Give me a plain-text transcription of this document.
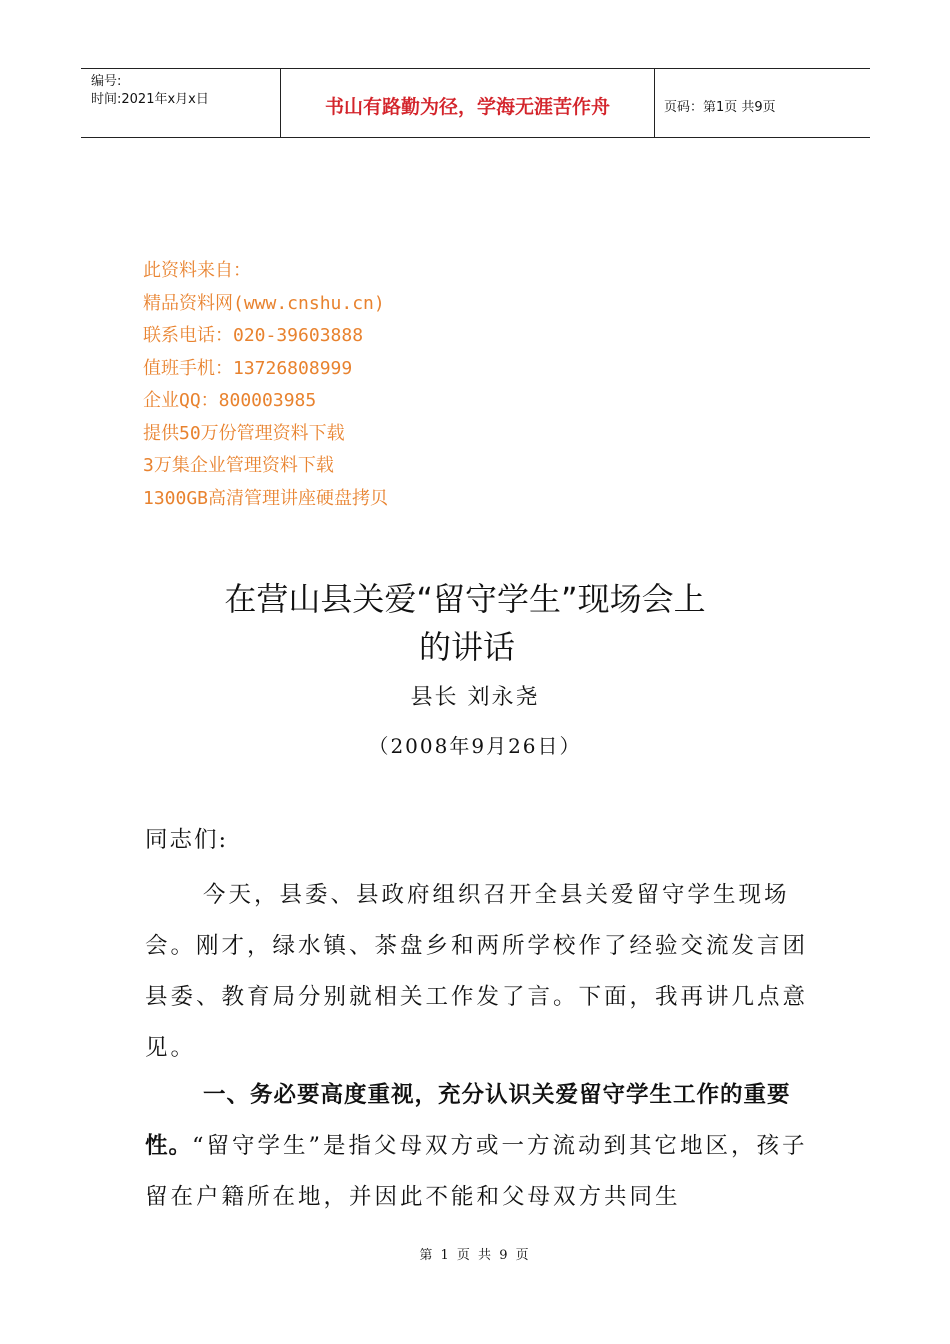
编号:
时间:2021年x月x日	书山有路勤为径，学海无涯苦作舟	页码：第1页 共9页
此资料来自：
精品资料网(www.cnshu.cn)
联系电话：020-39603888
值班手机：13726808999
企业QQ：800003985
提供50万份管理资料下载
3万集企业管理资料下载
1300GB高清管理讲座硬盘拷贝
在营山县关爱“留守学生”现场会上
的讲话
县长 刘永尧
（2008年9月26日）
同志们:
今天，县委、县政府组织召开全县关爱留守学生现场会。刚才，绿水镇、茶盘乡和两所学校作了经验交流发言团县委、教育局分别就相关工作发了言。下面，我再讲几点意见。
一、务必要高度重视，充分认识关爱留守学生工作的重要性。“留守学生”是指父母双方或一方流动到其它地区，孩子留在户籍所在地，并因此不能和父母双方共同生
第 1 页 共 9 页
